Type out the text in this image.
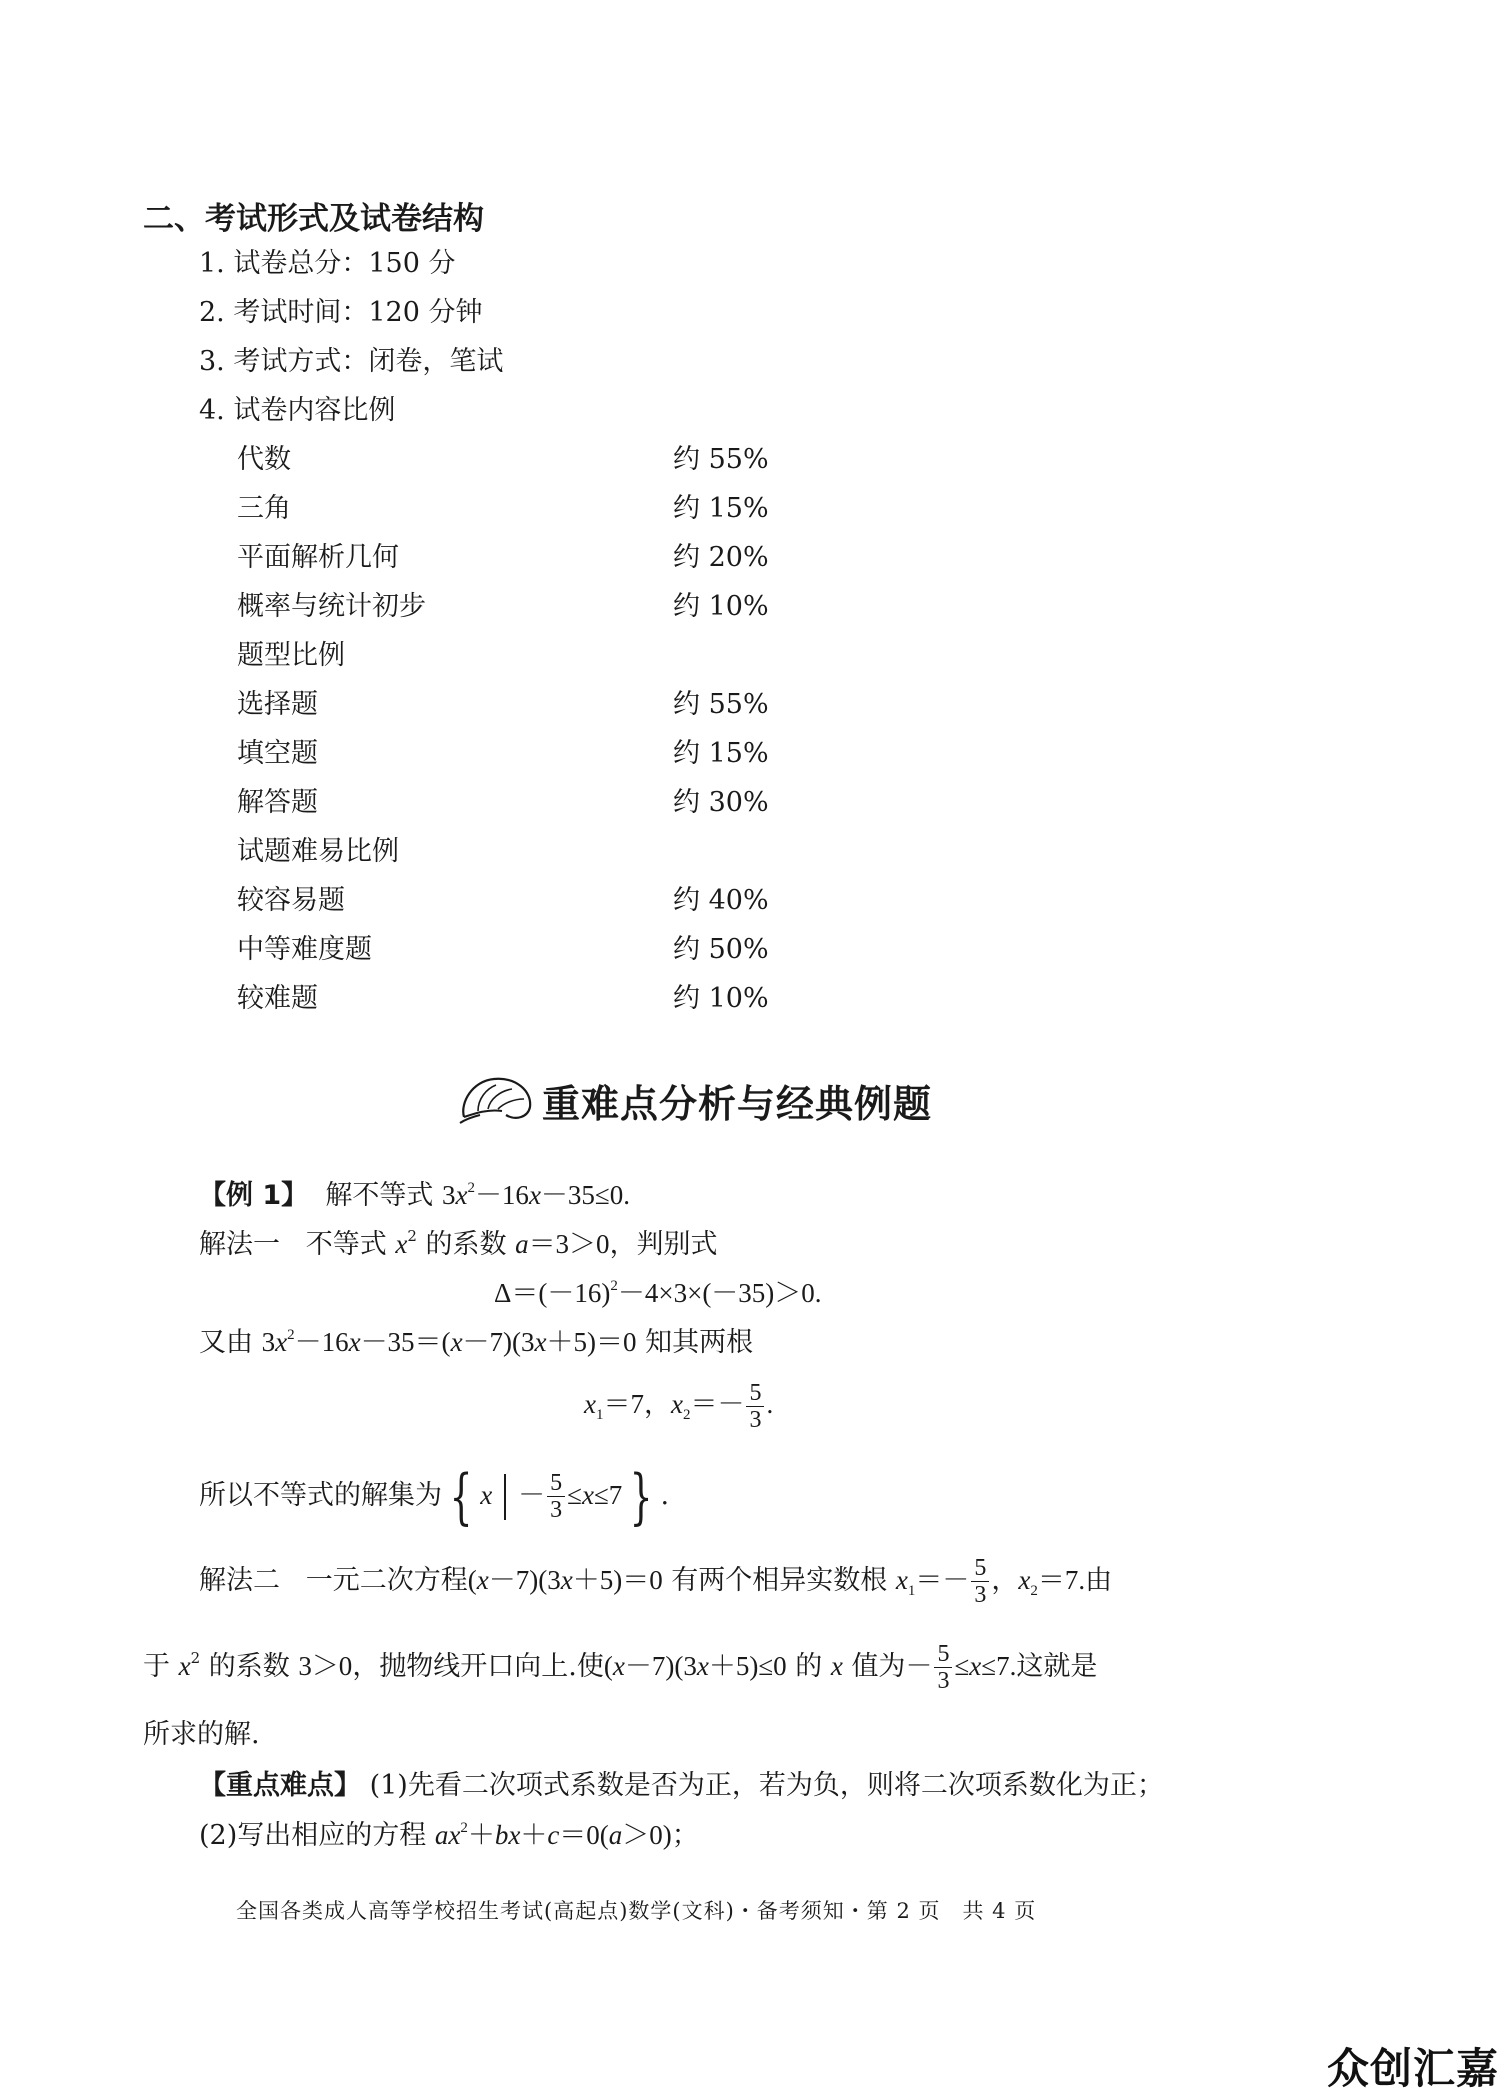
二、考试形式及试卷结构
1. 试卷总分：150 分
2. 考试时间：120 分钟
3. 考试方式：闭卷，笔试
4. 试卷内容比例
代数	约 55%
三角	约 15%
平面解析几何	约 20%
概率与统计初步	约 10%
题型比例
选择题	约 55%
填空题	约 15%
解答题	约 30%
试题难易比例
较容易题	约 40%
中等难度题	约 50%
较难题	约 10%
重难点分析与经典例题
【例 1】 解不等式 $3x^2-16x-35\le 0$.
解法一 不等式 $x^2$ 的系数 a＝3＞0，判别式
$\Delta=(-16)^2-4\times 3\times(-35)>0$.
又由 $3x^2-16x-35=(x-7)(3x+5)=0$ 知其两根
$x_1=7$，$x_2=- \frac{5}{3}$ .
所以不等式的解集为 { $x - \frac{5}{3} \le x\le 7$ } .
解法二 一元二次方程(x－7)(3x＋5)＝0 有两个相异实数根 $x_1=- \frac{5}{3}$ ，$x_2=7$.由
于 $x^2$ 的系数 3＞0，抛物线开口向上.使(x－7)(3x＋5)≤0 的 x 值为－ $\frac{5}{3} \le x\le 7$.这就是
所求的解.
【重点难点】 (1)先看二次项式系数是否为正，若为负，则将二次项系数化为正；
(2)写出相应的方程 $ax^2+bx+c=0(a>0)$；
全国各类成人高等学校招生考试(高起点)数学(文科)・备考须知・第 2 页　共 4 页
众创汇嘉
